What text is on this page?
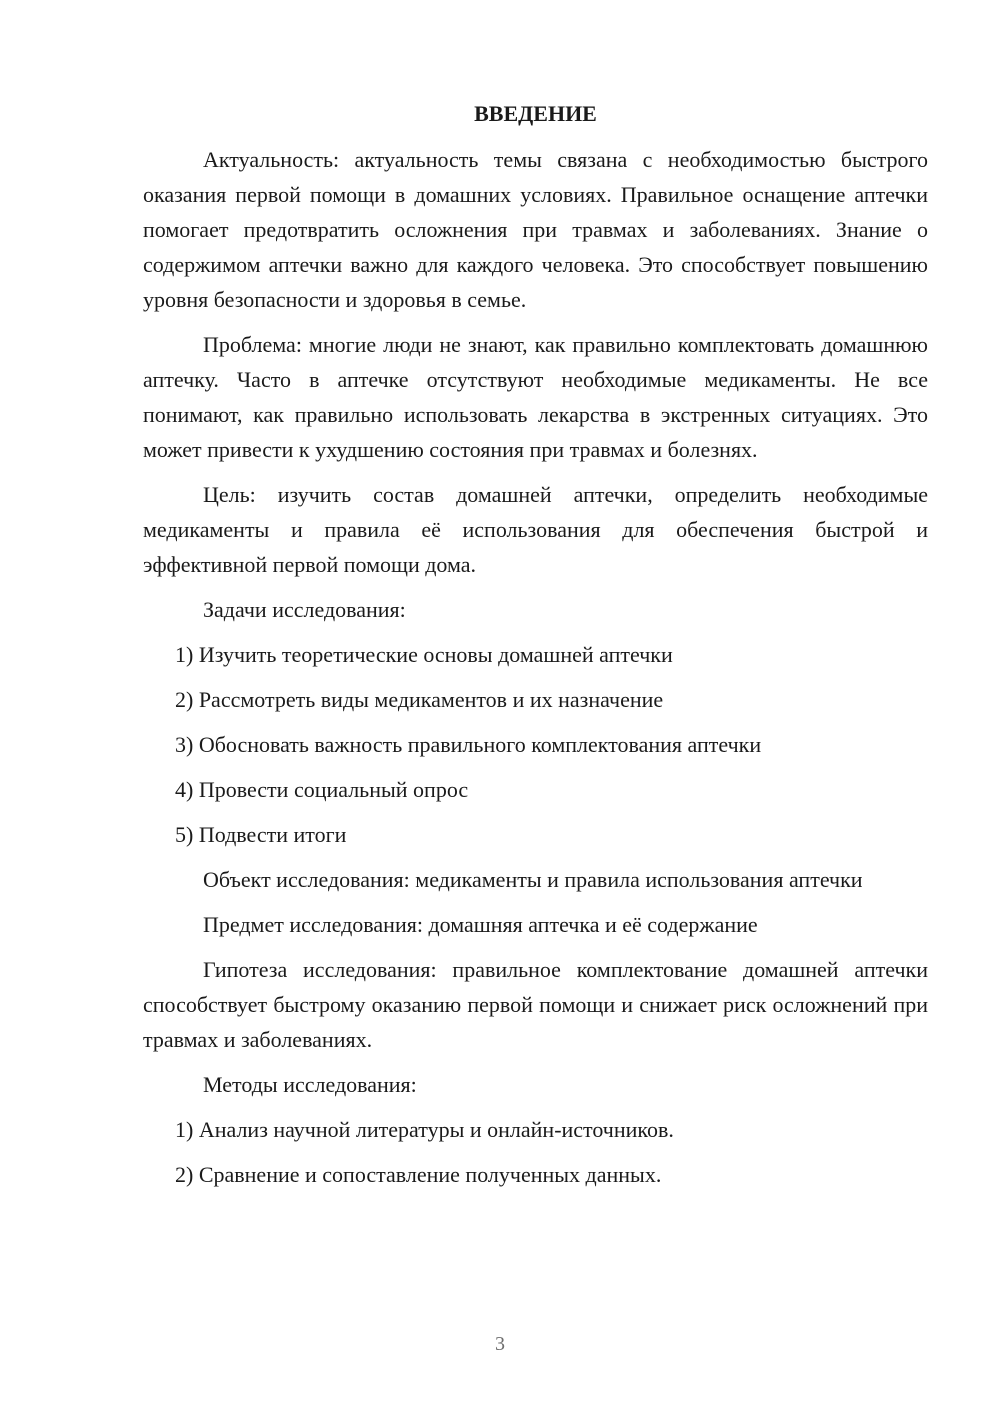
ВВЕДЕНИЕ

Актуальность: актуальность темы связана с необходимостью быстрого оказания первой помощи в домашних условиях. Правильное оснащение аптечки помогает предотвратить осложнения при травмах и заболеваниях. Знание о содержимом аптечки важно для каждого человека. Это способствует повышению уровня безопасности и здоровья в семье.

Проблема: многие люди не знают, как правильно комплектовать домашнюю аптечку. Часто в аптечке отсутствуют необходимые медикаменты. Не все понимают, как правильно использовать лекарства в экстренных ситуациях. Это может привести к ухудшению состояния при травмах и болезнях.

Цель: изучить состав домашней аптечки, определить необходимые медикаменты и правила её использования для обеспечения быстрой и эффективной первой помощи дома.

Задачи исследования:

1) Изучить теоретические основы домашней аптечки

2) Рассмотреть виды медикаментов и их назначение

3) Обосновать важность правильного комплектования аптечки

4) Провести социальный опрос

5) Подвести итоги

Объект исследования: медикаменты и правила использования аптечки

Предмет исследования: домашняя аптечка и её содержание

Гипотеза исследования: правильное комплектование домашней аптечки способствует быстрому оказанию первой помощи и снижает риск осложнений при травмах и заболеваниях.

Методы исследования:

1) Анализ научной литературы и онлайн-источников.

2) Сравнение и сопоставление полученных данных.

3
